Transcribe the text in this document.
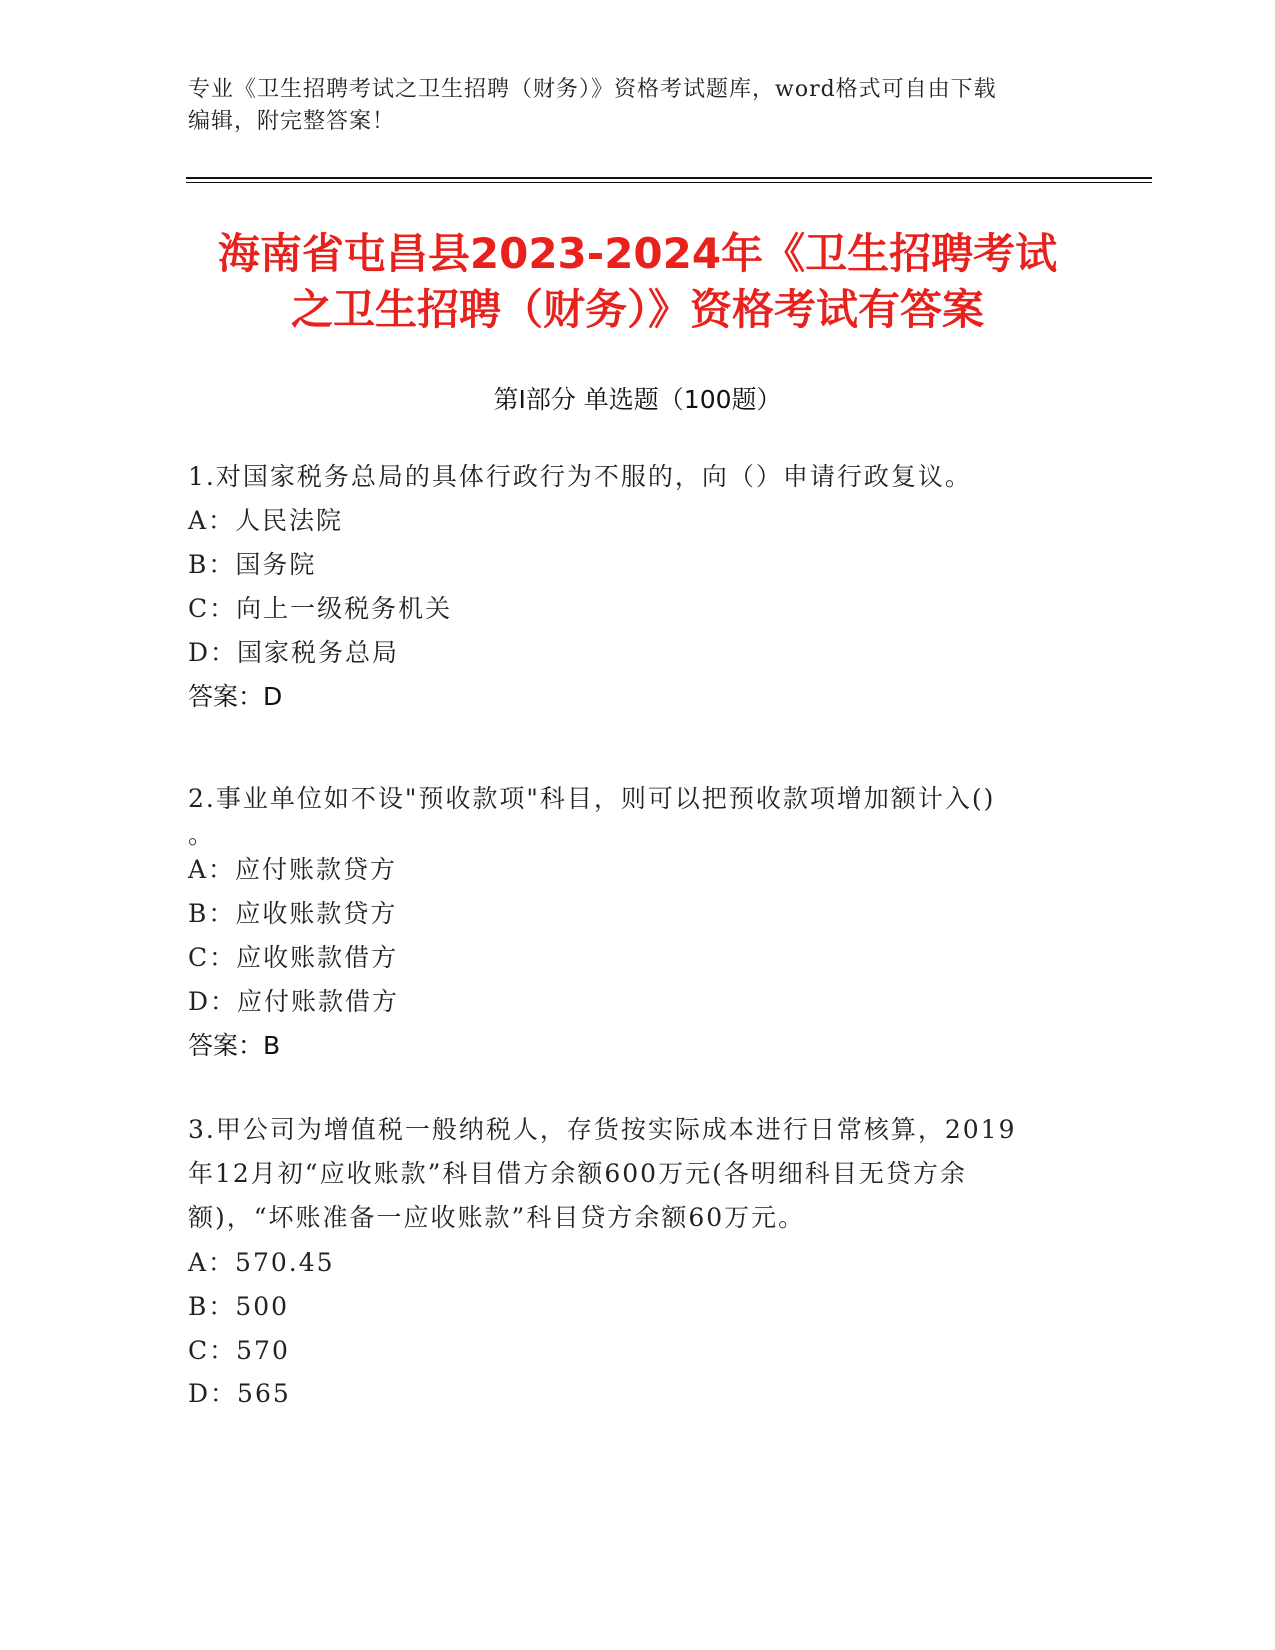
专业《卫生招聘考试之卫生招聘（财务）》资格考试题库，word格式可自由下载
编辑，附完整答案！
海南省屯昌县2023-2024年《卫生招聘考试
之卫生招聘（财务）》资格考试有答案
第Ⅰ部分 单选题（100题）
1.对国家税务总局的具体行政行为不服的，向（）申请行政复议。
A：人民法院
B：国务院
C：向上一级税务机关
D：国家税务总局
答案：D
2.事业单位如不设"预收款项"科目，则可以把预收款项增加额计入()
。
A：应付账款贷方
B：应收账款贷方
C：应收账款借方
D：应付账款借方
答案：B
3.甲公司为增值税一般纳税人，存货按实际成本进行日常核算，2019
年12月初“应收账款”科目借方余额600万元(各明细科目无贷方余
额)，“坏账准备一应收账款”科目贷方余额60万元。
A：570.45
B：500
C：570
D：565
